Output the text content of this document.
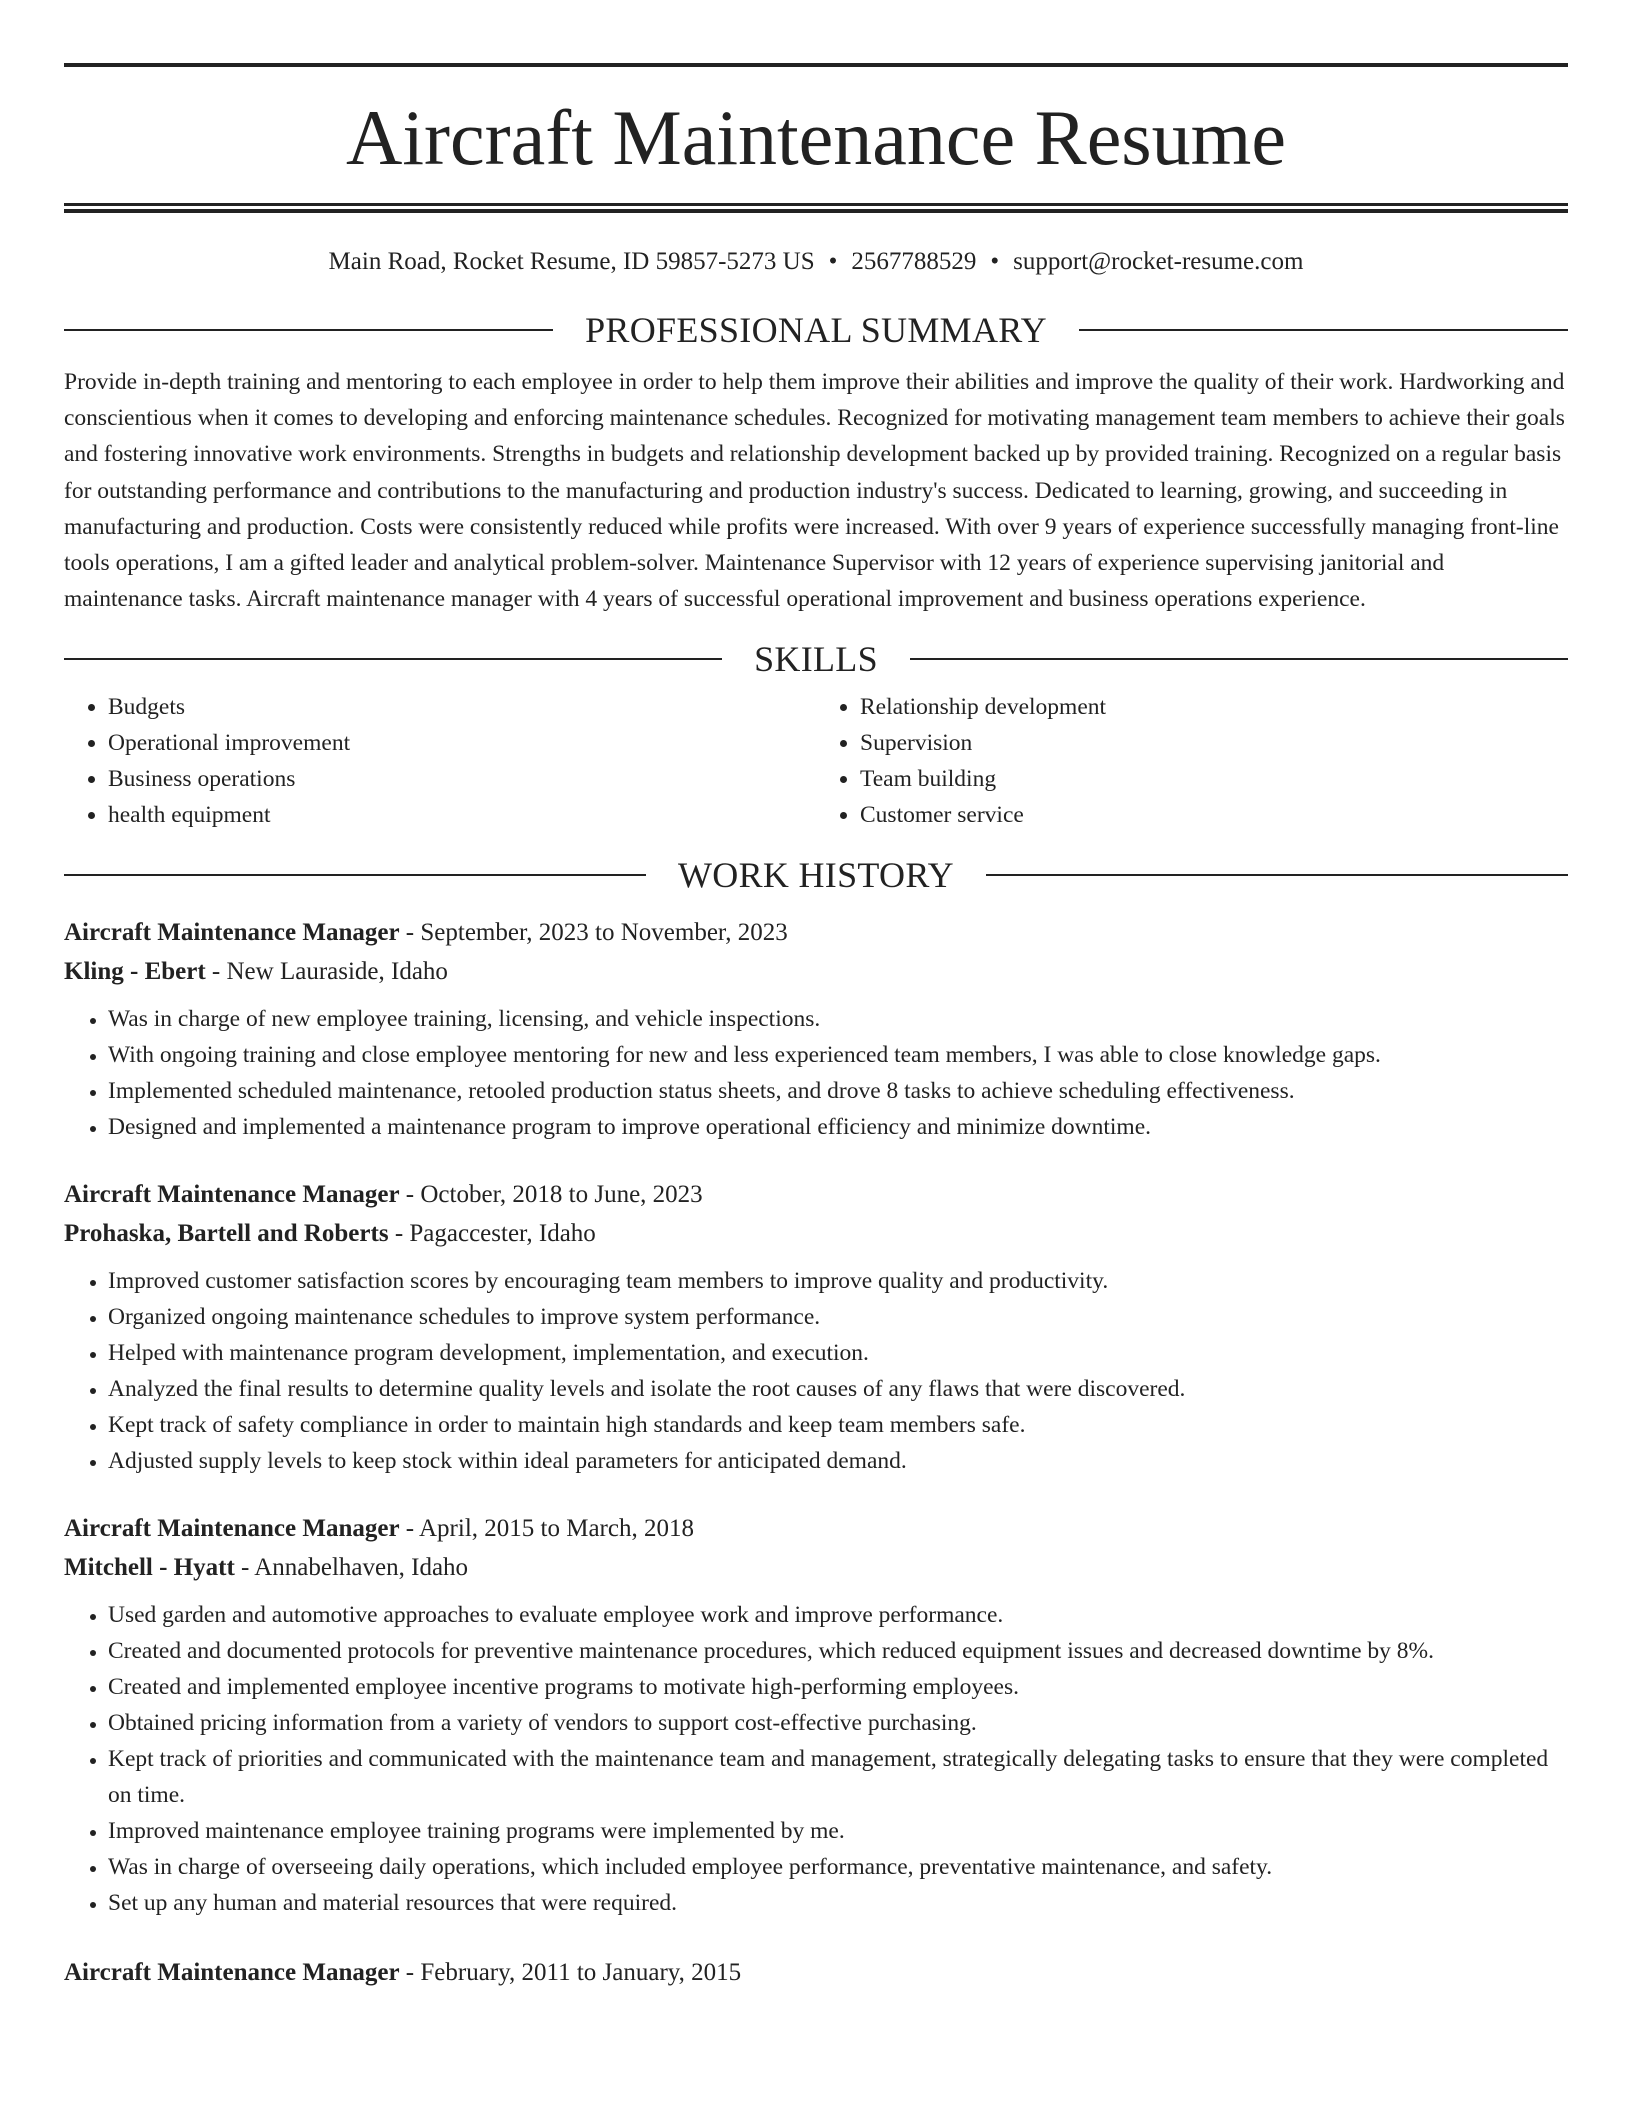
Aircraft Maintenance Resume
Main Road, Rocket Resume, ID 59857-5273 US • 2567788529 • support@rocket-resume.com
PROFESSIONAL SUMMARY
Provide in-depth training and mentoring to each employee in order to help them improve their abilities and improve the quality of their work. Hardworking and conscientious when it comes to developing and enforcing maintenance schedules. Recognized for motivating management team members to achieve their goals and fostering innovative work environments. Strengths in budgets and relationship development backed up by provided training. Recognized on a regular basis for outstanding performance and contributions to the manufacturing and production industry's success. Dedicated to learning, growing, and succeeding in manufacturing and production. Costs were consistently reduced while profits were increased. With over 9 years of experience successfully managing front-line tools operations, I am a gifted leader and analytical problem-solver. Maintenance Supervisor with 12 years of experience supervising janitorial and maintenance tasks. Aircraft maintenance manager with 4 years of successful operational improvement and business operations experience.
SKILLS
• Budgets
• Operational improvement
• Business operations
• health equipment
• Relationship development
• Supervision
• Team building
• Customer service
WORK HISTORY
Aircraft Maintenance Manager - September, 2023 to November, 2023
Kling - Ebert - New Lauraside, Idaho
• Was in charge of new employee training, licensing, and vehicle inspections.
• With ongoing training and close employee mentoring for new and less experienced team members, I was able to close knowledge gaps.
• Implemented scheduled maintenance, retooled production status sheets, and drove 8 tasks to achieve scheduling effectiveness.
• Designed and implemented a maintenance program to improve operational efficiency and minimize downtime.
Aircraft Maintenance Manager - October, 2018 to June, 2023
Prohaska, Bartell and Roberts - Pagaccester, Idaho
• Improved customer satisfaction scores by encouraging team members to improve quality and productivity.
• Organized ongoing maintenance schedules to improve system performance.
• Helped with maintenance program development, implementation, and execution.
• Analyzed the final results to determine quality levels and isolate the root causes of any flaws that were discovered.
• Kept track of safety compliance in order to maintain high standards and keep team members safe.
• Adjusted supply levels to keep stock within ideal parameters for anticipated demand.
Aircraft Maintenance Manager - April, 2015 to March, 2018
Mitchell - Hyatt - Annabelhaven, Idaho
• Used garden and automotive approaches to evaluate employee work and improve performance.
• Created and documented protocols for preventive maintenance procedures, which reduced equipment issues and decreased downtime by 8%.
• Created and implemented employee incentive programs to motivate high-performing employees.
• Obtained pricing information from a variety of vendors to support cost-effective purchasing.
• Kept track of priorities and communicated with the maintenance team and management, strategically delegating tasks to ensure that they were completed on time.
• Improved maintenance employee training programs were implemented by me.
• Was in charge of overseeing daily operations, which included employee performance, preventative maintenance, and safety.
• Set up any human and material resources that were required.
Aircraft Maintenance Manager - February, 2011 to January, 2015
